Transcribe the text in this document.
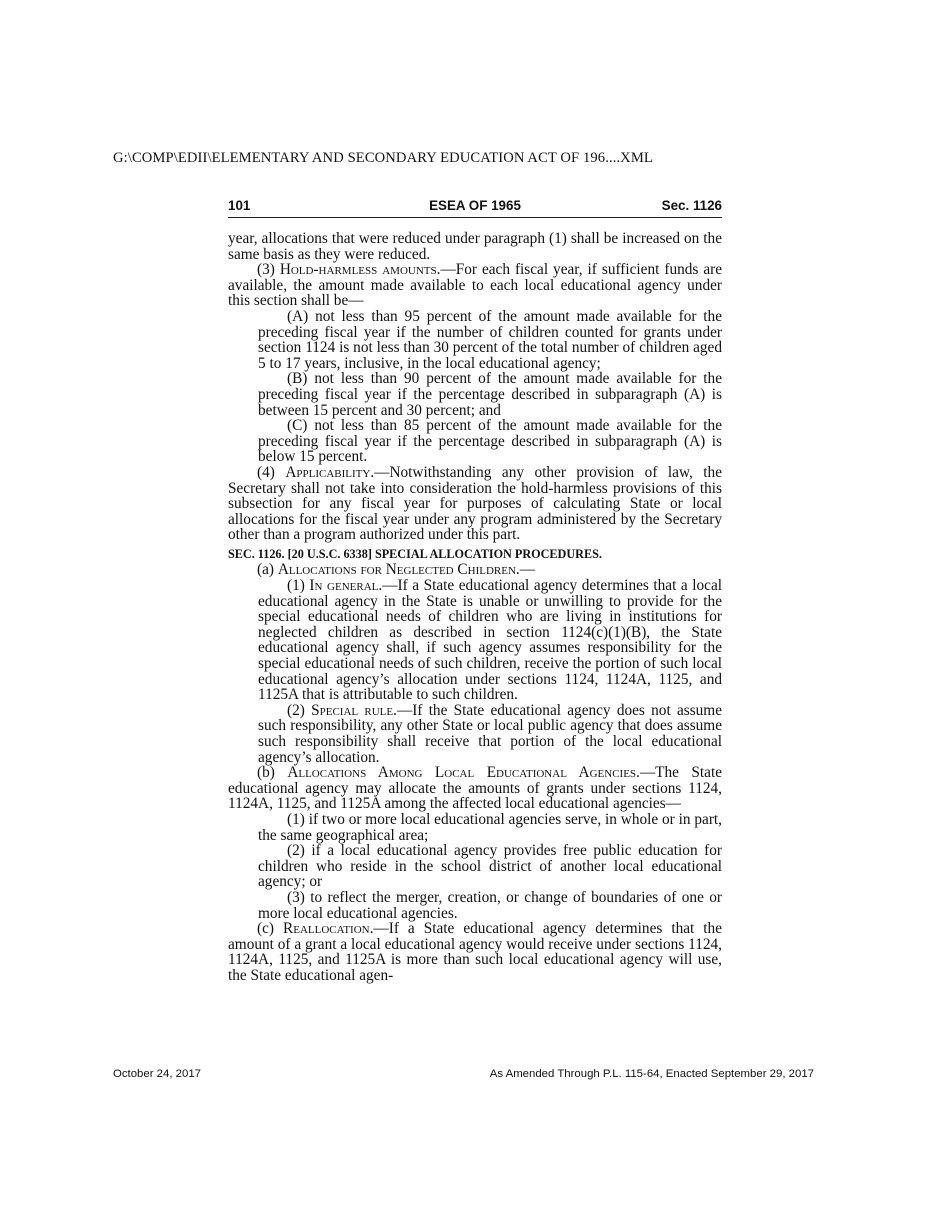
G:\COMP\EDII\ELEMENTARY AND SECONDARY EDUCATION ACT OF 196....XML
ESEA OF 1965
101	Sec. 1126

year, allocations that were reduced under paragraph (1) shall be increased on the same basis as they were reduced.

(3) Hold-harmless amounts.—For each fiscal year, if sufficient funds are available, the amount made available to each local educational agency under this section shall be—

(A) not less than 95 percent of the amount made available for the preceding fiscal year if the number of children counted for grants under section 1124 is not less than 30 percent of the total number of children aged 5 to 17 years, inclusive, in the local educational agency;

(B) not less than 90 percent of the amount made available for the preceding fiscal year if the percentage described in subparagraph (A) is between 15 percent and 30 percent; and

(C) not less than 85 percent of the amount made available for the preceding fiscal year if the percentage described in subparagraph (A) is below 15 percent.

(4) Applicability.—Notwithstanding any other provision of law, the Secretary shall not take into consideration the hold-harmless provisions of this subsection for any fiscal year for purposes of calculating State or local allocations for the fiscal year under any program administered by the Secretary other than a program authorized under this part.

SEC. 1126. [20 U.S.C. 6338] SPECIAL ALLOCATION PROCEDURES.

(a) Allocations for Neglected Children.—

(1) In general.—If a State educational agency determines that a local educational agency in the State is unable or unwilling to provide for the special educational needs of children who are living in institutions for neglected children as described in section 1124(c)(1)(B), the State educational agency shall, if such agency assumes responsibility for the special educational needs of such children, receive the portion of such local educational agency’s allocation under sections 1124, 1124A, 1125, and 1125A that is attributable to such children.

(2) Special rule.—If the State educational agency does not assume such responsibility, any other State or local public agency that does assume such responsibility shall receive that portion of the local educational agency’s allocation.

(b) Allocations Among Local Educational Agencies.—The State educational agency may allocate the amounts of grants under sections 1124, 1124A, 1125, and 1125A among the affected local educational agencies—

(1) if two or more local educational agencies serve, in whole or in part, the same geographical area;

(2) if a local educational agency provides free public education for children who reside in the school district of another local educational agency; or

(3) to reflect the merger, creation, or change of boundaries of one or more local educational agencies.

(c) Reallocation.—If a State educational agency determines that the amount of a grant a local educational agency would receive under sections 1124, 1124A, 1125, and 1125A is more than such local educational agency will use, the State educational agen-

October 24, 2017	As Amended Through P.L. 115-64, Enacted September 29, 2017
